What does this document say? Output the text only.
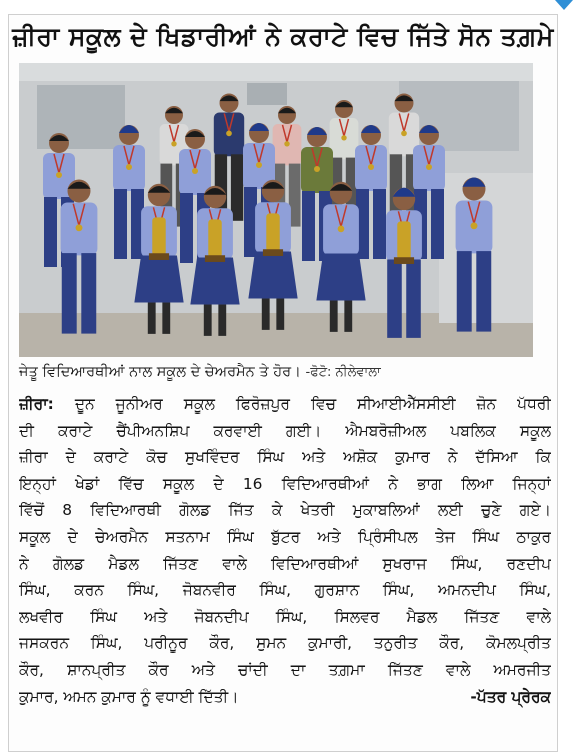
ਜ਼ੀਰਾ ਸਕੂਲ ਦੇ ਖਿਡਾਰੀਆਂ ਨੇ ਕਰਾਟੇ ਵਿਚ ਜਿੱਤੇ ਸੋਨ ਤਗ਼ਮੇ
ਜੇਤੂ ਵਿਦਿਆਰਥੀਆਂ ਨਾਲ ਸਕੂਲ ਦੇ ਚੇਅਰਮੈਨ ਤੇ ਹੋਰ। -ਫੋਟੋ: ਨੀਲੇਵਾਲਾ
ਜ਼ੀਰਾ: ਦੂਨ ਜੂਨੀਅਰ ਸਕੂਲ ਫਿਰੋਜ਼ਪੁਰ ਵਿਚ ਸੀਆਈਐੱਸਸੀਈ ਜ਼ੋਨ ਪੱਧਰੀ
ਦੀ ਕਰਾਟੇ ਚੈਂਪੀਅਨਸ਼ਿਪ ਕਰਵਾਈ ਗਈ। ਐਮਬਰੋਜ਼ੀਅਲ ਪਬਲਿਕ ਸਕੂਲ
ਜ਼ੀਰਾ ਦੇ ਕਰਾਟੇ ਕੋਚ ਸੁਖਵਿੰਦਰ ਸਿੰਘ ਅਤੇ ਅਸ਼ੋਕ ਕੁਮਾਰ ਨੇ ਦੱਸਿਆ ਕਿ
ਇਨ੍ਹਾਂ ਖੇਡਾਂ ਵਿੱਚ ਸਕੂਲ ਦੇ 16 ਵਿਦਿਆਰਥੀਆਂ ਨੇ ਭਾਗ ਲਿਆ ਜਿਨ੍ਹਾਂ
ਵਿੱਚੋਂ 8 ਵਿਦਿਆਰਥੀ ਗੋਲਡ ਜਿੱਤ ਕੇ ਖੇਤਰੀ ਮੁਕਾਬਲਿਆਂ ਲਈ ਚੁਣੇ ਗਏ।
ਸਕੂਲ ਦੇ ਚੇਅਰਮੈਨ ਸਤਨਾਮ ਸਿੰਘ ਬੁੱਟਰ ਅਤੇ ਪ੍ਰਿੰਸੀਪਲ ਤੇਜ ਸਿੰਘ ਠਾਕੁਰ
ਨੇ ਗੋਲਡ ਮੈਡਲ ਜਿੱਤਣ ਵਾਲੇ ਵਿਦਿਆਰਥੀਆਂ ਸੁਖਰਾਜ ਸਿੰਘ, ਰਣਦੀਪ
ਸਿੰਘ, ਕਰਨ ਸਿੰਘ, ਜੋਬਨਵੀਰ ਸਿੰਘ, ਗੁਰਸ਼ਾਨ ਸਿੰਘ, ਅਮਨਦੀਪ ਸਿੰਘ,
ਲਖਵੀਰ ਸਿੰਘ ਅਤੇ ਜੋਬਨਦੀਪ ਸਿੰਘ, ਸਿਲਵਰ ਮੈਡਲ ਜਿੱਤਣ ਵਾਲੇ
ਜਸਕਰਨ ਸਿੰਘ, ਪਰੀਨੂਰ ਕੌਰ, ਸੁਮਨ ਕੁਮਾਰੀ, ਤਨੁਰੀਤ ਕੌਰ, ਕੋਮਲਪ੍ਰੀਤ
ਕੌਰ, ਸ਼ਾਨਪ੍ਰੀਤ ਕੌਰ ਅਤੇ ਚਾਂਦੀ ਦਾ ਤਗ਼ਮਾ ਜਿੱਤਣ ਵਾਲੇ ਅਮਰਜੀਤ
ਕੁਮਾਰ, ਅਮਨ ਕੁਮਾਰ ਨੂੰ ਵਧਾਈ ਦਿੱਤੀ।	-ਪੱਤਰ ਪ੍ਰੇਰਕ
